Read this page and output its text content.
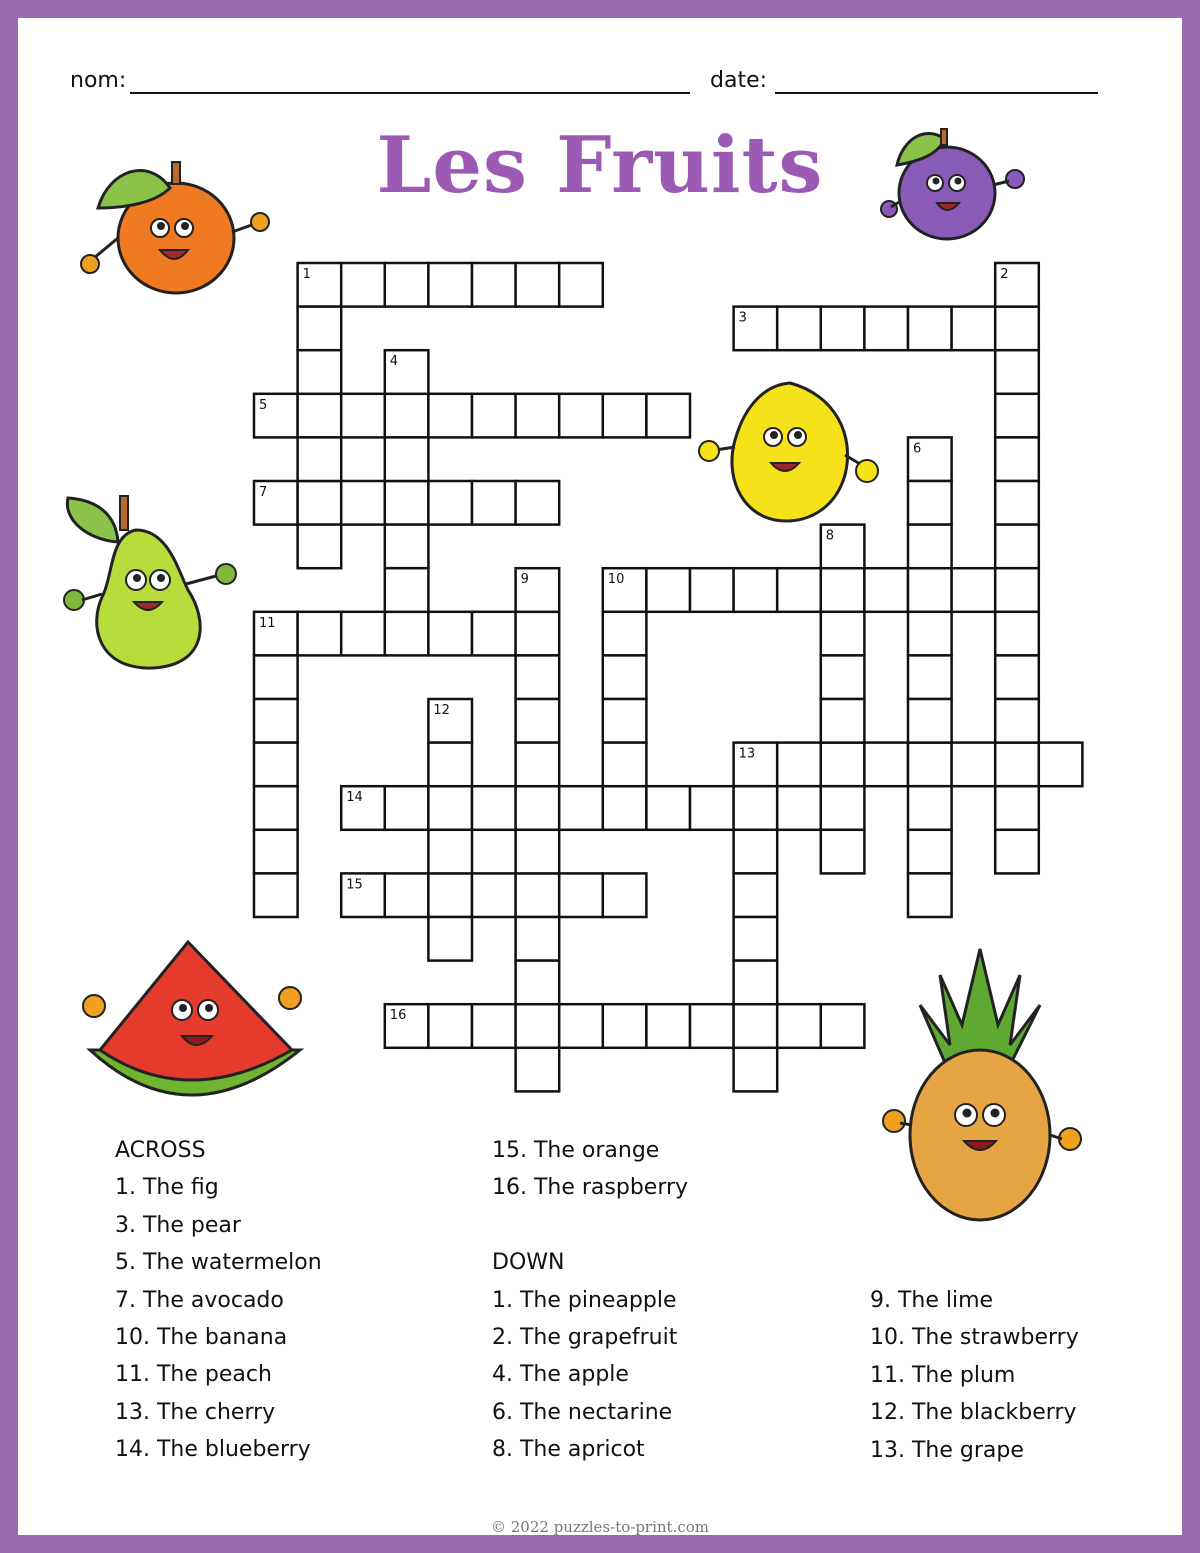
nom:	date:
Les Fruits
1
3
5
7
10
11
13
14
15
16
2
4
6
8
9
12
ACROSS
1. The fig
3. The pear
5. The watermelon
7. The avocado
10. The banana
11. The peach
13. The cherry
14. The blueberry
15. The orange
16. The raspberry

DOWN
1. The pineapple
2. The grapefruit
4. The apple
6. The nectarine
8. The apricot
9. The lime
10. The strawberry
11. The plum
12. The blackberry
13. The grape
© 2022 puzzles-to-print.com
